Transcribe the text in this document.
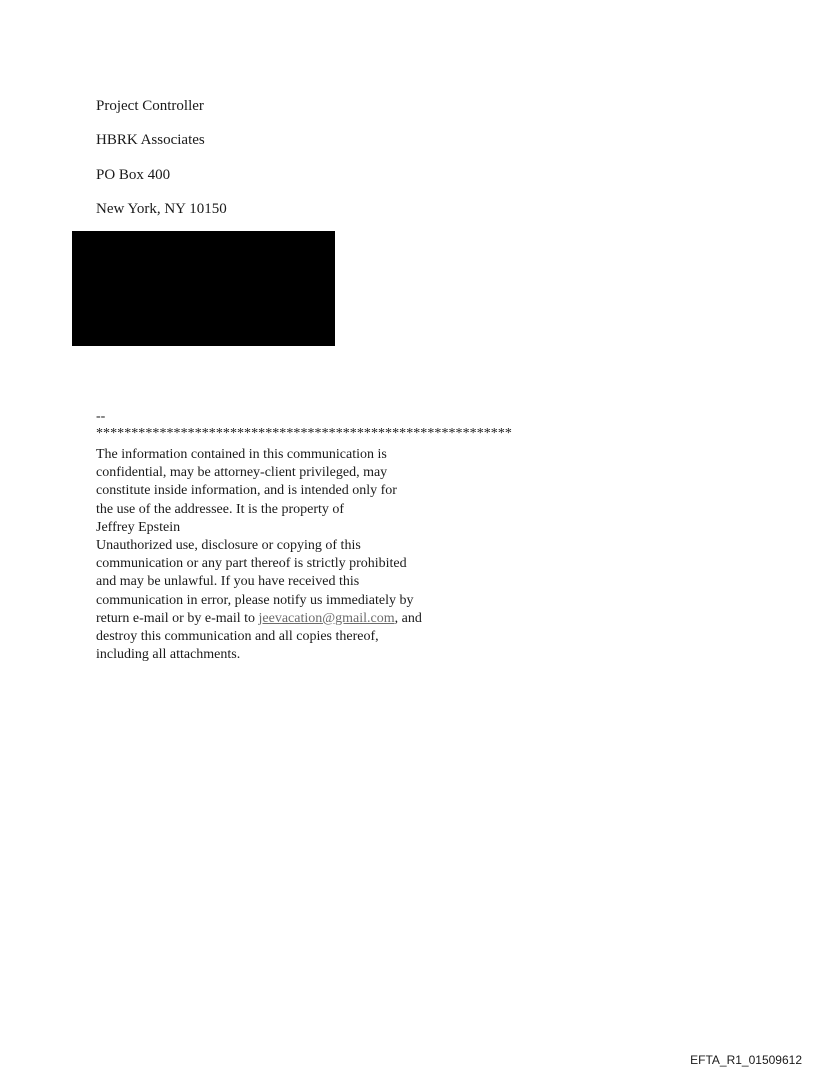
Project Controller
HBRK Associates
PO Box 400
New York, NY 10150
--
***********************************************************
The information contained in this communication is
confidential, may be attorney-client privileged, may
constitute inside information, and is intended only for
the use of the addressee. It is the property of
Jeffrey Epstein
Unauthorized use, disclosure or copying of this
communication or any part thereof is strictly prohibited
and may be unlawful. If you have received this
communication in error, please notify us immediately by
return e-mail or by e-mail to jeevacation@gmail.com, and
destroy this communication and all copies thereof,
including all attachments.
EFTA_R1_01509612
